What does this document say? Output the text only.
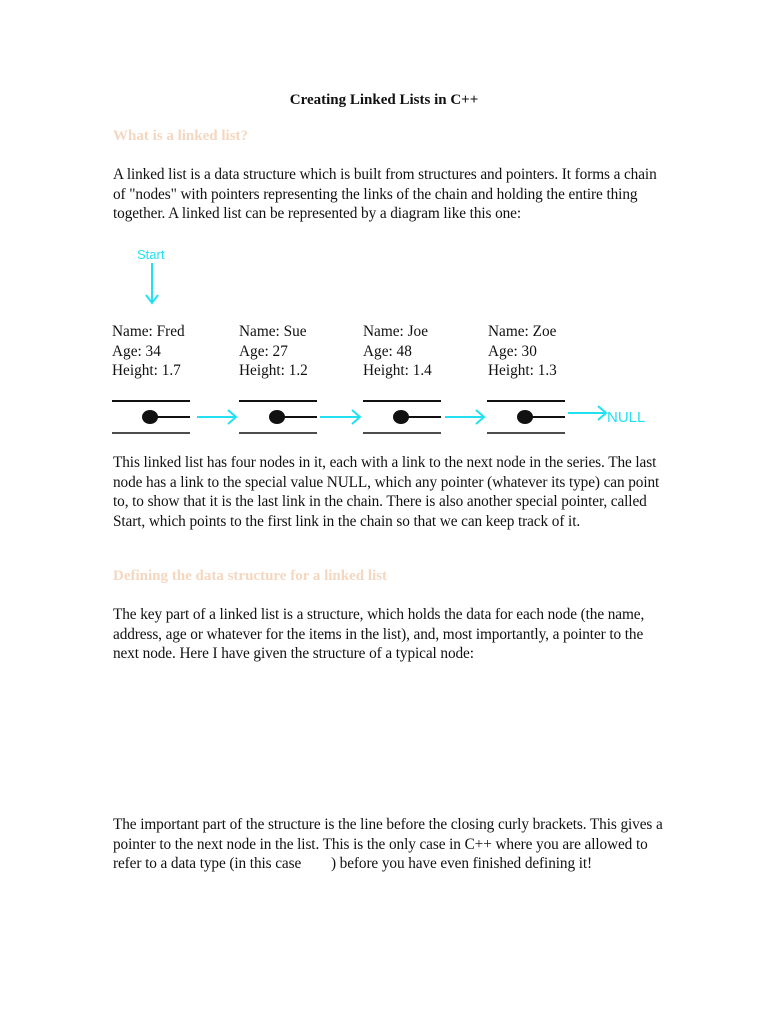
Creating Linked Lists in C++
What is a linked list?

A linked list is a data structure which is built from structures and pointers. It forms a chain of "nodes" with pointers representing the links of the chain and holding the entire thing together. A linked list can be represented by a diagram like this one:

Name: Fred
Age: 34
Height: 1.7
Name: Sue
Age: 27
Height: 1.2
Name: Joe
Age: 48
Height: 1.4
Name: Zoe
Age: 30
Height: 1.3
Start
NULL

This linked list has four nodes in it, each with a link to the next node in the series. The last node has a link to the special value NULL, which any pointer (whatever its type) can point to, to show that it is the last link in the chain. There is also another special pointer, called Start, which points to the first link in the chain so that we can keep track of it.

Defining the data structure for a linked list

The key part of a linked list is a structure, which holds the data for each node (the name, address, age or whatever for the items in the list), and, most importantly, a pointer to the next node. Here I have given the structure of a typical node:

The important part of the structure is the line before the closing curly brackets. This gives a pointer to the next node in the list. This is the only case in C++ where you are allowed to refer to a data type (in this case        ) before you have even finished defining it!
